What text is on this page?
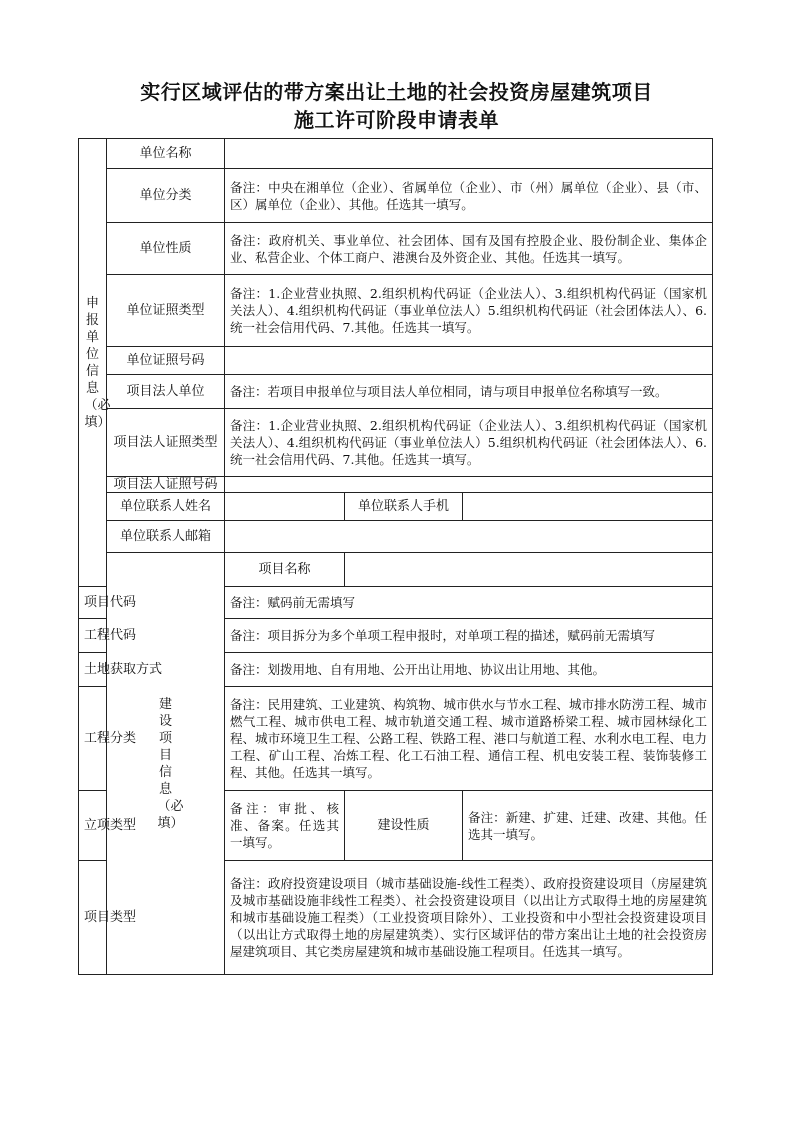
实行区域评估的带方案出让土地的社会投资房屋建筑项目
施工许可阶段申请表单
申报单位信息（必填）	单位名称			
	单位分类	备注：中央在湘单位（企业）、省属单位（企业）、市（州）属单位（企业）、县（市、区）属单位（企业）、其他。任选其一填写。		
	单位性质	备注：政府机关、事业单位、社会团体、国有及国有控股企业、股份制企业、集体企业、私营企业、个体工商户、港澳台及外资企业、其他。任选其一填写。		
	单位证照类型	备注：1.企业营业执照、2.组织机构代码证（企业法人）、3.组织机构代码证（国家机关法人）、4.组织机构代码证（事业单位法人）5.组织机构代码证（社会团体法人）、6.统一社会信用代码、7.其他。任选其一填写。		
	单位证照号码			
	项目法人单位	备注：若项目申报单位与项目法人单位相同，请与项目申报单位名称填写一致。		
	项目法人证照类型	备注：1.企业营业执照、2.组织机构代码证（企业法人）、3.组织机构代码证（国家机关法人）、4.组织机构代码证（事业单位法人）5.组织机构代码证（社会团体法人）、6.统一社会信用代码、7.其他。任选其一填写。		
	项目法人证照号码			
	单位联系人姓名		单位联系人手机	
	单位联系人邮箱			
	建设项目信息（必填）	项目名称		
项目代码		备注：赋码前无需填写		
工程代码		备注：项目拆分为多个单项工程申报时，对单项工程的描述，赋码前无需填写		
土地获取方式		备注：划拨用地、自有用地、公开出让用地、协议出让用地、其他。		
工程分类		备注：民用建筑、工业建筑、构筑物、城市供水与节水工程、城市排水防涝工程、城市燃气工程、城市供电工程、城市轨道交通工程、城市道路桥梁工程、城市园林绿化工程、城市环境卫生工程、公路工程、铁路工程、港口与航道工程、水利水电工程、电力工程、矿山工程、冶炼工程、化工石油工程、通信工程、机电安装工程、装饰装修工程、其他。任选其一填写。		
立项类型		备注：审批、核准、备案。任选其一填写。	建设性质	备注：新建、扩建、迁建、改建、其他。任选其一填写。
项目类型		备注：政府投资建设项目（城市基础设施-线性工程类）、政府投资建设项目（房屋建筑及城市基础设施非线性工程类）、社会投资建设项目（以出让方式取得土地的房屋建筑和城市基础设施工程类）（工业投资项目除外）、工业投资和中小型社会投资建设项目（以出让方式取得土地的房屋建筑类）、实行区域评估的带方案出让土地的社会投资房屋建筑项目、其它类房屋建筑和城市基础设施工程项目。任选其一填写。		
